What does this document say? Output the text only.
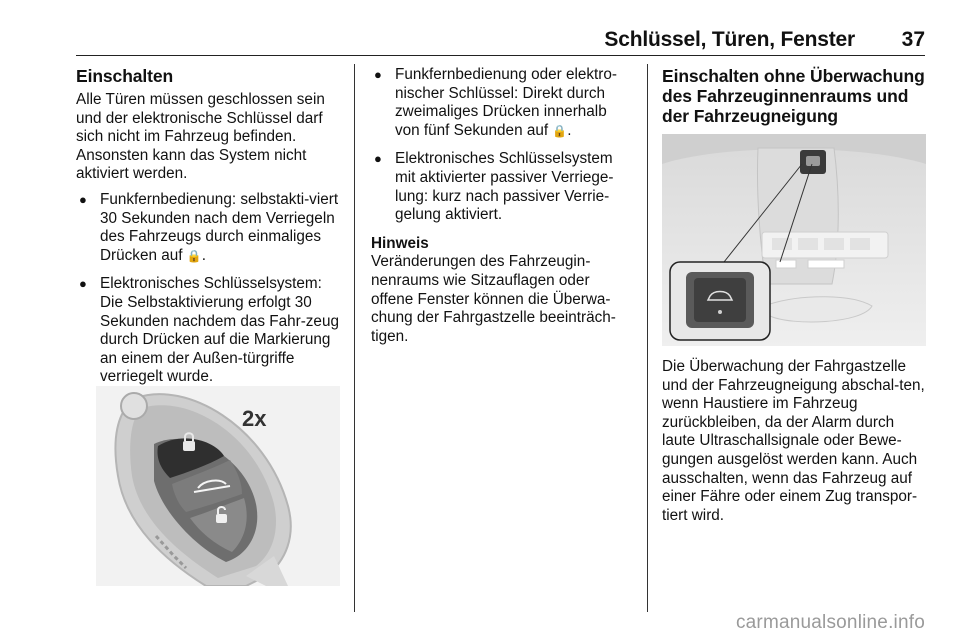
Schlüssel, Türen, Fenster 37
Einschalten

Alle Türen müssen geschlossen sein und der elektronische Schlüssel darf sich nicht im Fahrzeug befinden. Ansonsten kann das System nicht aktiviert werden.

● Funkfernbedienung: selbstakti-viert 30 Sekunden nach dem Verriegeln des Fahrzeugs durch einmaliges Drücken auf 🔒.
● Elektronisches Schlüsselsystem: Die Selbstaktivierung erfolgt 30 Sekunden nachdem das Fahr-zeug durch Drücken auf die Markierung an einem der Außen-türgriffe verriegelt wurde.
2x
● Funkfernbedienung oder elektro-nischer Schlüssel: Direkt durch zweimaliges Drücken innerhalb von fünf Sekunden auf 🔒.
● Elektronisches Schlüsselsystem mit aktivierter passiver Verriege-lung: kurz nach passiver Verrie-gelung aktiviert.
Hinweis

Veränderungen des Fahrzeugin-nenraums wie Sitzauflagen oder offene Fenster können die Überwa-chung der Fahrgastzelle beeinträch-tigen.

Einschalten ohne Überwachung des Fahrzeuginnenraums und der Fahrzeugneigung

Die Überwachung der Fahrgastzelle und der Fahrzeugneigung abschal-ten, wenn Haustiere im Fahrzeug zurückbleiben, da der Alarm durch laute Ultraschallsignale oder Bewe-gungen ausgelöst werden kann. Auch ausschalten, wenn das Fahrzeug auf einer Fähre oder einem Zug transpor-tiert wird.

carmanualsonline.info
